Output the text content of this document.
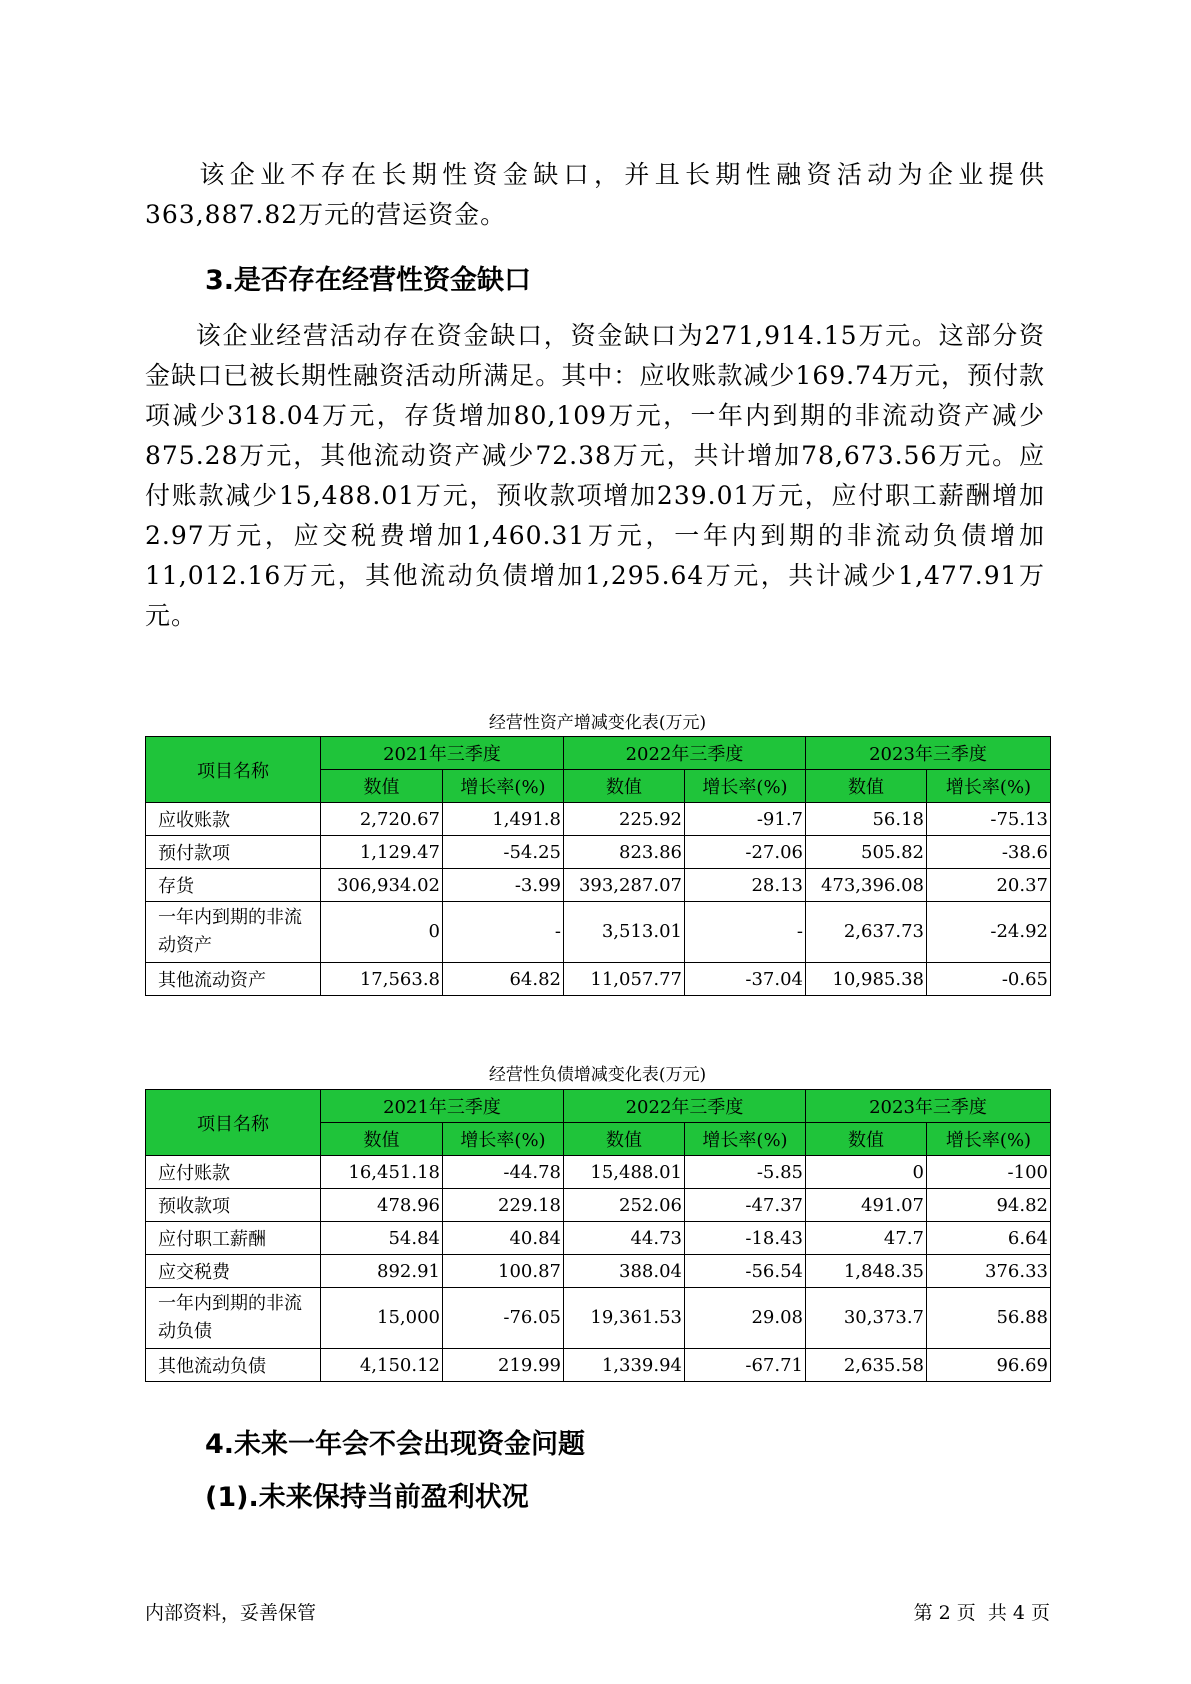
该企业不存在长期性资金缺口，并且长期性融资活动为企业提供363,887.82万元的营运资金。

3.是否存在经营性资金缺口

该企业经营活动存在资金缺口，资金缺口为271,914.15万元。这部分资金缺口已被长期性融资活动所满足。其中：应收账款减少169.74万元，预付款项减少318.04万元，存货增加80,109万元，一年内到期的非流动资产减少875.28万元，其他流动资产减少72.38万元，共计增加78,673.56万元。应付账款减少15,488.01万元，预收款项增加239.01万元，应付职工薪酬增加2.97万元，应交税费增加1,460.31万元，一年内到期的非流动负债增加11,012.16万元，其他流动负债增加1,295.64万元，共计减少1,477.91万元。

经营性资产增减变化表(万元)

项目名称	2021年三季度		2022年三季度		2023年三季度	
	数值	增长率(%)	数值	增长率(%)	数值	增长率(%)
应收账款	2,720.67	1,491.8	225.92	-91.7	56.18	-75.13
预付款项	1,129.47	-54.25	823.86	-27.06	505.82	-38.6
存货	306,934.02	-3.99	393,287.07	28.13	473,396.08	20.37
一年内到期的非流动资产	0	-	3,513.01	-	2,637.73	-24.92
其他流动资产	17,563.8	64.82	11,057.77	-37.04	10,985.38	-0.65

经营性负债增减变化表(万元)

项目名称	2021年三季度		2022年三季度		2023年三季度	
	数值	增长率(%)	数值	增长率(%)	数值	增长率(%)
应付账款	16,451.18	-44.78	15,488.01	-5.85	0	-100
预收款项	478.96	229.18	252.06	-47.37	491.07	94.82
应付职工薪酬	54.84	40.84	44.73	-18.43	47.7	6.64
应交税费	892.91	100.87	388.04	-56.54	1,848.35	376.33
一年内到期的非流动负债	15,000	-76.05	19,361.53	29.08	30,373.7	56.88
其他流动负债	4,150.12	219.99	1,339.94	-67.71	2,635.58	96.69
4.未来一年会不会出现资金问题
(1).未来保持当前盈利状况

内部资料，妥善保管	第 2 页  共 4 页
